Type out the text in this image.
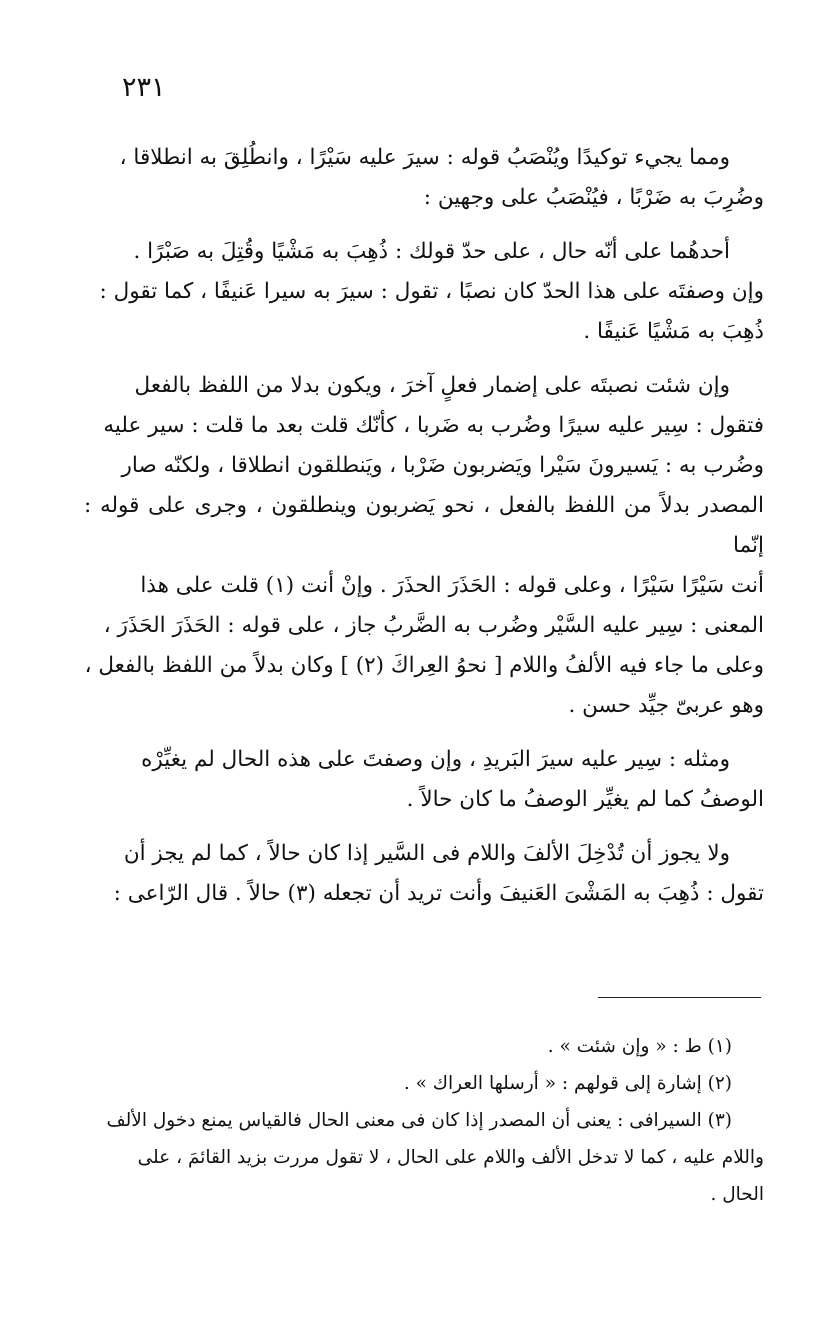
٢٣١

ومما يجيء توكيدًا ويُنْصَبُ قوله : سيرَ عليه سَيْرًا ، وانطُلِقَ به انطلاقا ،
وضُرِبَ به ضَرْبًا ، فيُنْصَبُ على وجهين :

أحدهُما على أنّه حال ، على حدّ قولك : ذُهِبَ به مَشْيًا وقُتِلَ به صَبْرًا .
وإن وصفتَه على هذا الحدّ كان نصبًا ، تقول : سيرَ به سيرا عَنيفًا ، كما تقول :
ذُهِبَ به مَشْيًا عَنيفًا .

وإن شئت نصبتَه على إضمار فعلٍ آخرَ ، ويكون بدلا من اللفظ بالفعل
فتقول : سِير عليه سيرًا وضُرب به ضَربا ، كأنّك قلت بعد ما قلت : سير عليه
وضُرب به : يَسيرونَ سَيْرا ويَضربون ضَرْبا ، ويَنطلقون انطلاقا ، ولكنّه صار
المصدر بدلاً من اللفظ بالفعل ، نحو يَضربون وينطلقون ، وجرى على قوله : إنّما
أنت سَيْرًا سَيْرًا ، وعلى قوله : الحَذَرَ الحذَرَ . وإنْ أنت (١) قلت على هذا
المعنى : سِير عليه السَّيْر وضُرب به الضَّربُ جاز ، على قوله : الحَذَرَ الحَذَرَ ،
وعلى ما جاء فيه الألفُ واللام [ نحوُ العِراكَ (٢) ] وكان بدلاً من اللفظ بالفعل ،
وهو عربىّ جيِّد حسن .

ومثله : سِير عليه سيرَ البَريدِ ، وإن وصفتَ على هذه الحال لم يغيِّرْه
الوصفُ كما لم يغيِّر الوصفُ ما كان حالاً .

ولا يجوز أن تُدْخِلَ الألفَ واللام فى السَّير إذا كان حالاً ، كما لم يجز أن
تقول : ذُهِبَ به المَشْىَ العَنيفَ وأنت تريد أن تجعله (٣) حالاً . قال الرّاعى :

(١) ط : « وإن شئت » .

(٢) إشارة إلى قولهم : « أرسلها العراك » .

(٣) السيرافى : يعنى أن المصدر إذا كان فى معنى الحال فالقياس يمنع دخول الألف
واللام عليه ، كما لا تدخل الألف واللام على الحال ، لا تقول مررت بزيد القائمَ ، على
الحال .
